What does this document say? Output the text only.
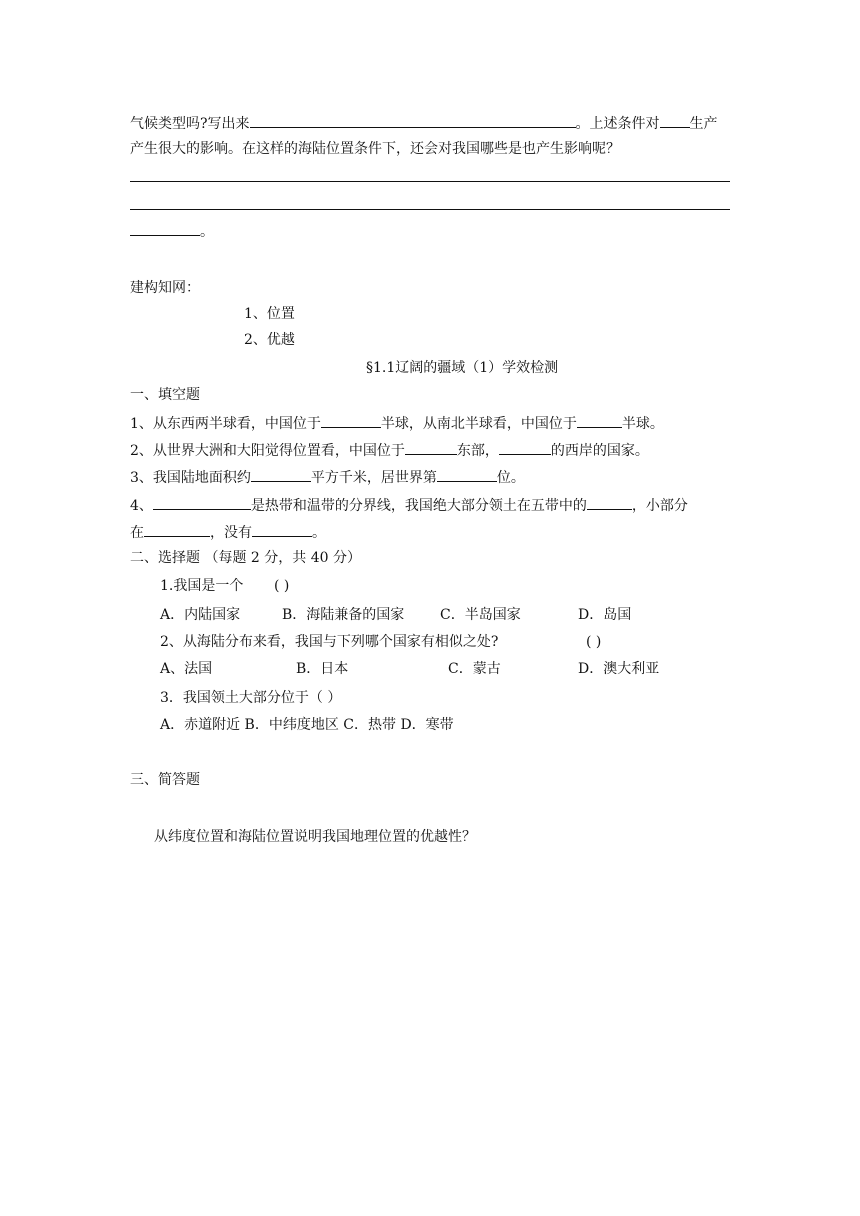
气候类型吗?写出来	。上述条件对 生产
产生很大的影响。在这样的海陆位置条件下，还会对我国哪些是也产生影响呢？
。
建构知网：
1、位置
2、优越
§1.1辽阔的疆域（1）学效检测
一、填空题
1、从东西两半球看，中国位于	半球，从南北半球看，中国位于	半球。
2、从世界大洲和大阳觉得位置看，中国位于	东部，	的西岸的国家。
3、我国陆地面积约	平方千米，居世界第	位。
4、	是热带和温带的分界线，我国绝大部分领土在五带中的	，小部分
在	，没有	。
二、选择题 （每题 2 分，共 40 分）
1.我国是一个 ( )
A．内陆国家	B．海陆兼备的国家	C．半岛国家	D．岛国
2、从海陆分布来看，我国与下列哪个国家有相似之处?	( )
A、法国	B．日本	C．蒙古	D．澳大利亚
3．我国领土大部分位于（ ）
A．赤道附近 B．中纬度地区 C．热带 D．寒带
三、简答题
从纬度位置和海陆位置说明我国地理位置的优越性？
